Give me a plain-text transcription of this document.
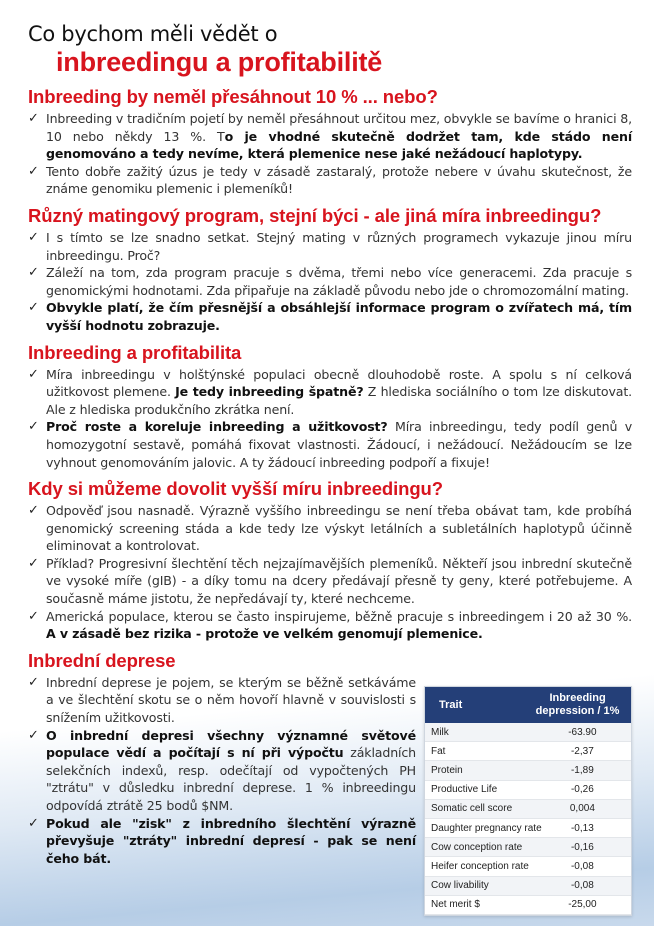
Co bychom měli vědět o
inbreedingu a profitabilitě
Inbreeding by neměl přesáhnout 10 % ... nebo?
✓ Inbreeding v tradičním pojetí by neměl přesáhnout určitou mez, obvykle se bavíme o hranici 8, 10 nebo někdy 13 %. To je vhodné skutečně dodržet tam, kde stádo není genomováno a tedy nevíme, která plemenice nese jaké nežádoucí haplotypy.
✓ Tento dobře zažitý úzus je tedy v zásadě zastaralý, protože nebere v úvahu skutečnost, že známe genomiku plemenic i plemeníků!
Různý matingový program, stejní býci - ale jiná míra inbreedingu?
✓ I s tímto se lze snadno setkat. Stejný mating v různých programech vykazuje jinou míru inbreedingu. Proč?
✓ Záleží na tom, zda program pracuje s dvěma, třemi nebo více generacemi. Zda pracuje s genomickými hodnotami. Zda připařuje na základě původu nebo jde o chromozomální mating.
✓ Obvykle platí, že čím přesnější a obsáhlejší informace program o zvířatech má, tím vyšší hodnotu zobrazuje.
Inbreeding a profitabilita
✓ Míra inbreedingu v holštýnské populaci obecně dlouhodobě roste. A spolu s ní celková užitkovost plemene. Je tedy inbreeding špatně? Z hlediska sociálního o tom lze diskutovat. Ale z hlediska produkčního zkrátka není.
✓ Proč roste a koreluje inbreeding a užitkovost? Míra inbreedingu, tedy podíl genů v homozygotní sestavě, pomáhá fixovat vlastnosti. Žádoucí, i nežádoucí. Nežádoucím se lze vyhnout genomováním jalovic. A ty žádoucí inbreeding podpoří a fixuje!
Kdy si můžeme dovolit vyšší míru inbreedingu?
✓ Odpověď jsou nasnadě. Výrazně vyššího inbreedingu se není třeba obávat tam, kde probíhá genomický screening stáda a kde tedy lze výskyt letálních a subletálních haplotypů účinně eliminovat a kontrolovat.
✓ Příklad? Progresivní šlechtění těch nejzajímavějších plemeníků. Někteří jsou inbrední skutečně ve vysoké míře (gIB) - a díky tomu na dcery předávají přesně ty geny, které potřebujeme. A současně máme jistotu, že nepředávají ty, které nechceme.
✓ Americká populace, kterou se často inspirujeme, běžně pracuje s inbreedingem i 20 až 30 %. A v zásadě bez rizika - protože ve velkém genomují plemenice.
Inbrední deprese
✓ Inbrední deprese je pojem, se kterým se běžně setkáváme a ve šlechtění skotu se o něm hovoří hlavně v souvislosti s snížením užitkovosti.
✓ O inbrední depresi všechny významné světové populace vědí a počítají s ní při výpočtu základních selekčních indexů, resp. odečítají od vypočtených PH "ztrátu" v důsledku inbrední deprese. 1 % inbreedingu odpovídá ztrátě 25 bodů $NM.
✓ Pokud ale "zisk" z inbredního šlechtění výrazně převyšuje "ztráty" inbrední depresí - pak se není čeho bát.
Trait
Inbreeding
depression / 1%
Milk	-63.90
Fat	-2,37
Protein	-1,89
Productive Life	-0,26
Somatic cell score	0,004
Daughter pregnancy rate	-0,13
Cow conception rate	-0,16
Heifer conception rate	-0,08
Cow livability	-0,08
Net merit $	-25,00
